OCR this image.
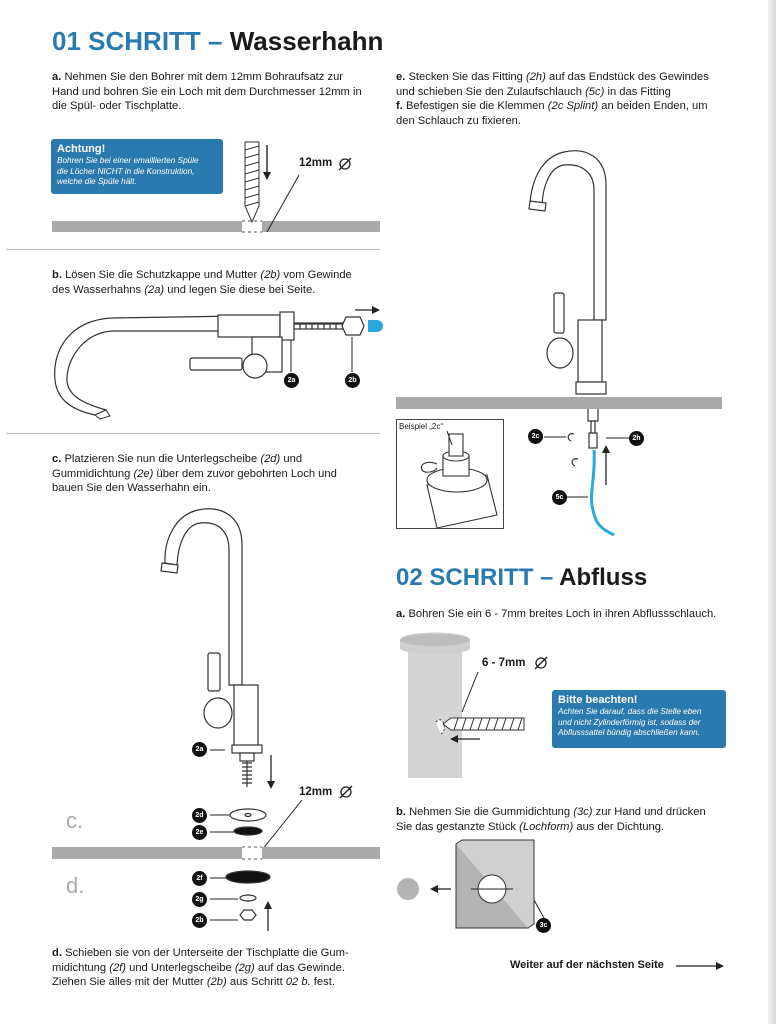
01 SCHRITT – Wasserhahn
a. Nehmen Sie den Bohrer mit dem 12mm Bohraufsatz zur
Hand und bohren Sie ein Loch mit dem Durchmesser 12mm in
die Spül- oder Tischplatte.
Achtung!
Bohren Sie bei einer emaillierten Spüle
die Löcher NICHT in die Konstruktion,
welche die Spüle hält.
12mm
b. Lösen Sie die Schutzkappe und Mutter (2b) vom Gewinde
des Wasserhahns (2a) und legen Sie diese bei Seite.
2a	2b
c. Platzieren Sie nun die Unterlegscheibe (2d) und
Gummidichtung (2e) über dem zuvor gebohrten Loch und
bauen Sie den Wasserhahn ein.
12mm
c.
d.
2a
2d
2e
2f
2g
2b
d. Schieben sie von der Unterseite der Tischplatte die Gum-
midichtung (2f) und Unterlegscheibe (2g) auf das Gewinde.
Ziehen Sie alles mit der Mutter (2b) aus Schritt 02 b. fest.
e. Stecken Sie das Fitting (2h) auf das Endstück des Gewindes
und schieben Sie den Zulaufschlauch (5c) in das Fitting
f. Befestigen sie die Klemmen (2c Splint) an beiden Enden, um
den Schlauch zu fixieren.
2c	2h
5c
Beispiel „2c“
02 SCHRITT – Abfluss
a. Bohren Sie ein 6 - 7mm breites Loch in ihren Abflussschlauch.
6 - 7mm
Bitte beachten!
Achten Sie darauf, dass die Stelle eben
und nicht Zylinderförmig ist, sodass der
Abflusssattel bündig abschließen kann.
b. Nehmen Sie die Gummidichtung (3c) zur Hand und drücken
Sie das gestanzte Stück (Lochform) aus der Dichtung.
3c
Weiter auf der nächsten Seite
